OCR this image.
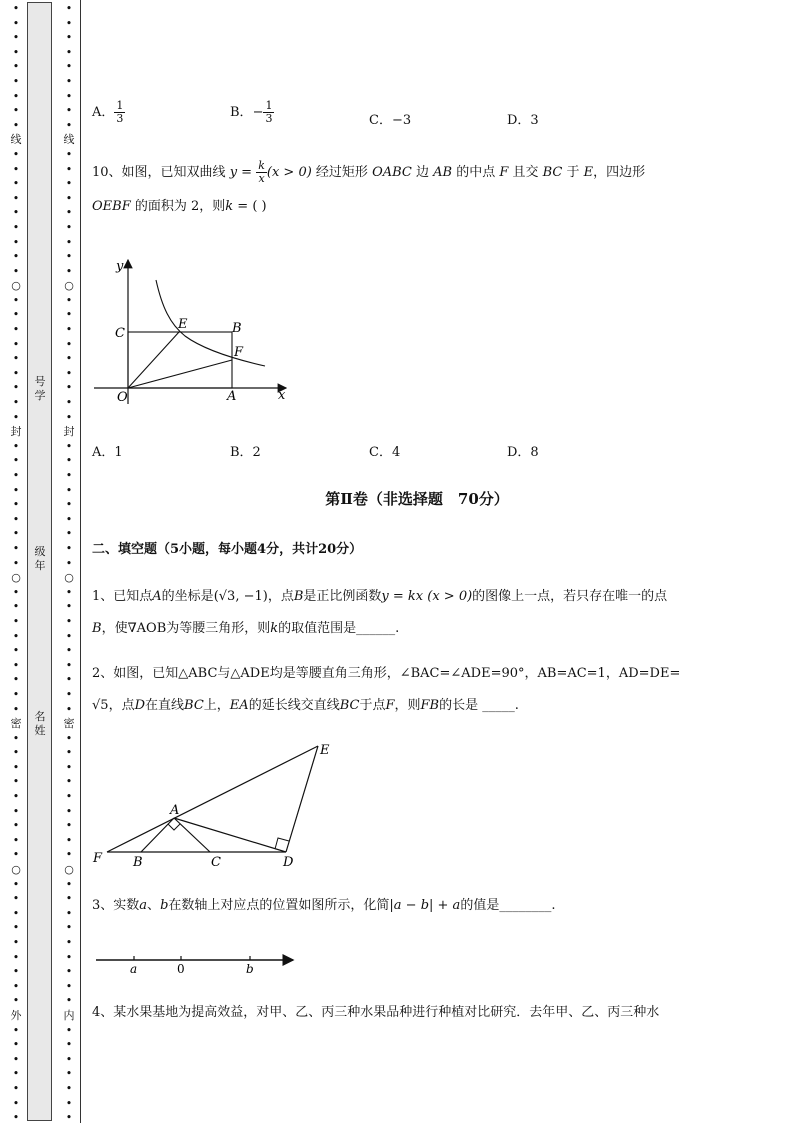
•
•
•
•
•
•
•
•
•
线
•
•
•
•
•
•
•
•
•
○
•
•
•
•
•
•
•
•
•
封
•
•
•
•
•
•
•
•
•
○
•
•
•
•
•
•
•
•
•
密
•
•
•
•
•
•
•
•
•
○
•
•
•
•
•
•
•
•
•
外
•
•
•
•
•
•
•
•
•
•
•
•
•
•
•
•
线
•
•
•
•
•
•
•
•
•
○
•
•
•
•
•
•
•
•
•
封
•
•
•
•
•
•
•
•
•
○
•
•
•
•
•
•
•
•
•
密
•
•
•
•
•
•
•
•
•
○
•
•
•
•
•
•
•
•
•
内
•
•
•
•
•
•
•
号学
级年
名姓
A． $\frac{1}{3}$	B．− $\frac{1}{3}$	C．−3	D．3
10、如图，已知双曲线 $y = \frac{k}{x} (x > 0)$ 经过矩形 OABC 边 AB 的中点 F 且交 BC 于 E，四边形
OEBF 的面积为 2，则k = ( )
y
x
O	A
B
C
E
F
A．1	B．2	C．4	D．8
第Ⅱ卷（非选择题　70分）
二、填空题（5小题，每小题4分，共计20分）
1、已知点A的坐标是(√3, −1)，点B是正比例函数y = kx (x > 0)的图像上一点，若只存在唯一的点
B，使∇AOB为等腰三角形，则k的取值范围是______.
2、如图，已知△ABC与△ADE均是等腰直角三角形，∠BAC=∠ADE=90°，AB=AC=1，AD=DE=
√5，点D在直线BC上，EA的延长线交直线BC于点F，则FB的长是 _____.
A
B	C	D
E
F
3、实数a、b在数轴上对应点的位置如图所示，化简|a − b| + a的值是________.
a	0	b
4、某水果基地为提高效益，对甲、乙、丙三种水果品种进行种植对比研究．去年甲、乙、丙三种水
